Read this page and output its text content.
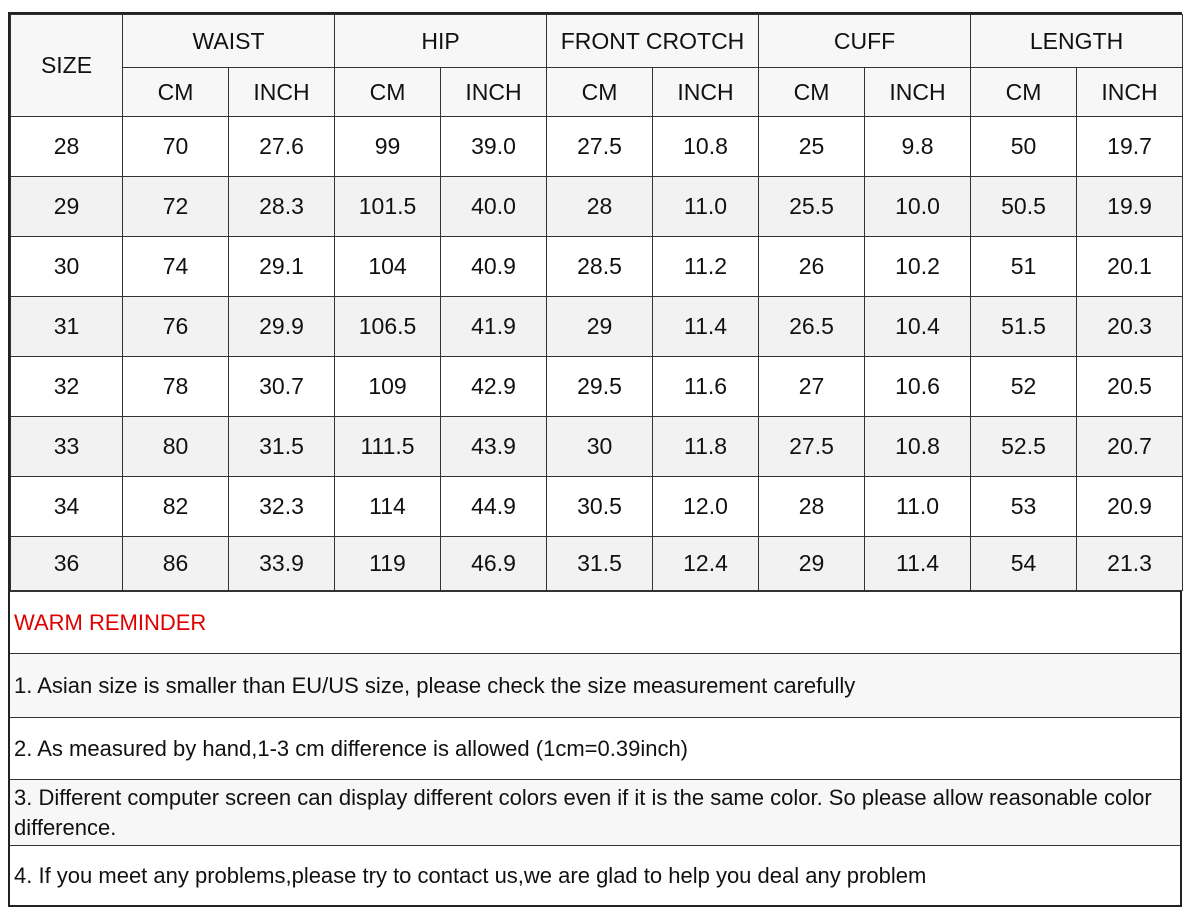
SIZE	WAIST		HIP		FRONT CROTCH		CUFF		LENGTH	
	CM	INCH	CM	INCH	CM	INCH	CM	INCH	CM	INCH
28	70	27.6	99	39.0	27.5	10.8	25	9.8	50	19.7
29	72	28.3	101.5	40.0	28	11.0	25.5	10.0	50.5	19.9
30	74	29.1	104	40.9	28.5	11.2	26	10.2	51	20.1
31	76	29.9	106.5	41.9	29	11.4	26.5	10.4	51.5	20.3
32	78	30.7	109	42.9	29.5	11.6	27	10.6	52	20.5
33	80	31.5	111.5	43.9	30	11.8	27.5	10.8	52.5	20.7
34	82	32.3	114	44.9	30.5	12.0	28	11.0	53	20.9
36	86	33.9	119	46.9	31.5	12.4	29	11.4	54	21.3
WARM REMINDER
1. Asian size is smaller than EU/US size, please check the size measurement carefully
2. As measured by hand,1-3 cm difference is allowed (1cm=0.39inch)
3. Different computer screen can display different colors even if it is the same color. So please allow reasonable color difference.
4. If you meet any problems,please try to contact us,we are glad to help you deal any problem
